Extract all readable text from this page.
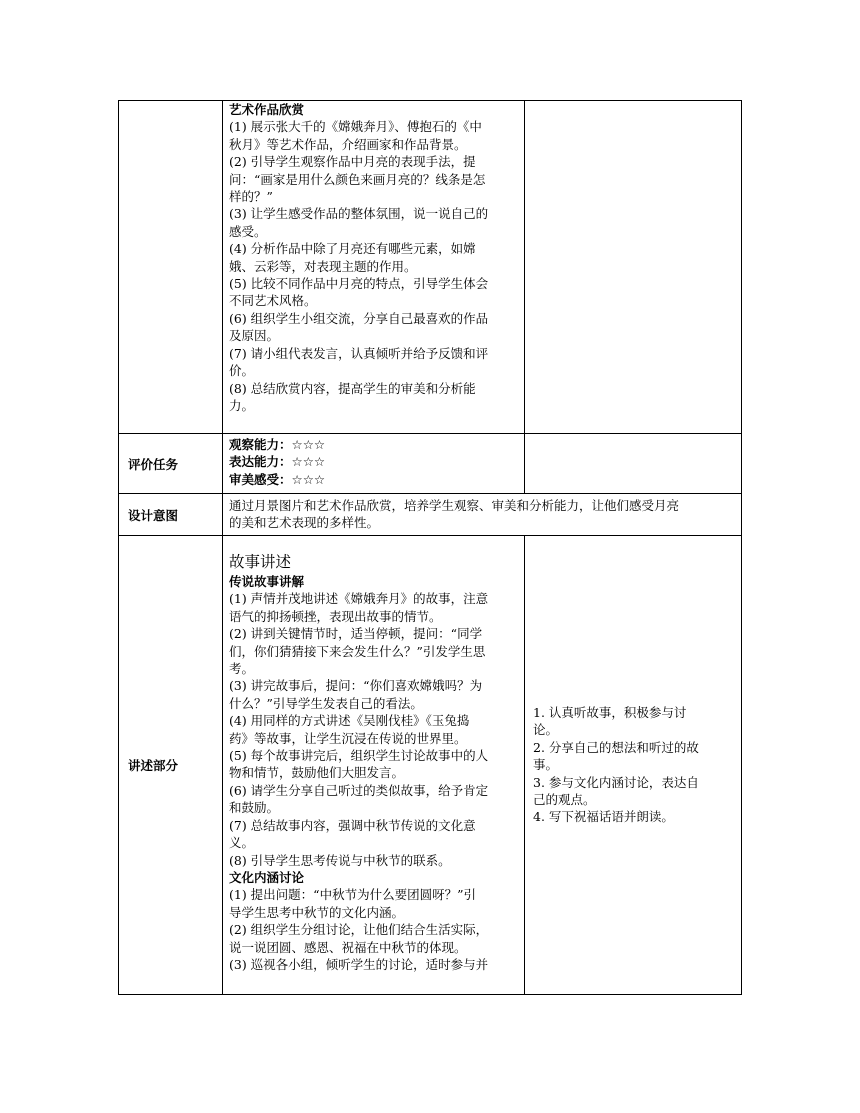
艺术作品欣赏
(1) 展示张大千的《嫦娥奔月》、傅抱石的《中
秋月》等艺术作品，介绍画家和作品背景。
(2) 引导学生观察作品中月亮的表现手法，提
问：“画家是用什么颜色来画月亮的？线条是怎
样的？”
(3) 让学生感受作品的整体氛围，说一说自己的
感受。
(4) 分析作品中除了月亮还有哪些元素，如嫦
娥、云彩等，对表现主题的作用。
(5) 比较不同作品中月亮的特点，引导学生体会
不同艺术风格。
(6) 组织学生小组交流，分享自己最喜欢的作品
及原因。
(7) 请小组代表发言，认真倾听并给予反馈和评
价。
(8) 总结欣赏内容，提高学生的审美和分析能
力。
评价任务
观察能力：☆☆☆
表达能力：☆☆☆
审美感受：☆☆☆
设计意图
通过月景图片和艺术作品欣赏，培养学生观察、审美和分析能力，让他们感受月亮
的美和艺术表现的多样性。
讲述部分
故事讲述
传说故事讲解
(1) 声情并茂地讲述《嫦娥奔月》的故事，注意
语气的抑扬顿挫，表现出故事的情节。
(2) 讲到关键情节时，适当停顿，提问：“同学
们，你们猜猜接下来会发生什么？”引发学生思
考。
(3) 讲完故事后，提问：“你们喜欢嫦娥吗？为
什么？”引导学生发表自己的看法。
(4) 用同样的方式讲述《吴刚伐桂》《玉兔捣
药》等故事，让学生沉浸在传说的世界里。
(5) 每个故事讲完后，组织学生讨论故事中的人
物和情节，鼓励他们大胆发言。
(6) 请学生分享自己听过的类似故事，给予肯定
和鼓励。
(7) 总结故事内容，强调中秋节传说的文化意
义。
(8) 引导学生思考传说与中秋节的联系。
文化内涵讨论
(1) 提出问题：“中秋节为什么要团圆呀？”引
导学生思考中秋节的文化内涵。
(2) 组织学生分组讨论，让他们结合生活实际，
说一说团圆、感恩、祝福在中秋节的体现。
(3) 巡视各小组，倾听学生的讨论，适时参与并
1. 认真听故事，积极参与讨
论。
2. 分享自己的想法和听过的故
事。
3. 参与文化内涵讨论，表达自
己的观点。
4. 写下祝福话语并朗读。
